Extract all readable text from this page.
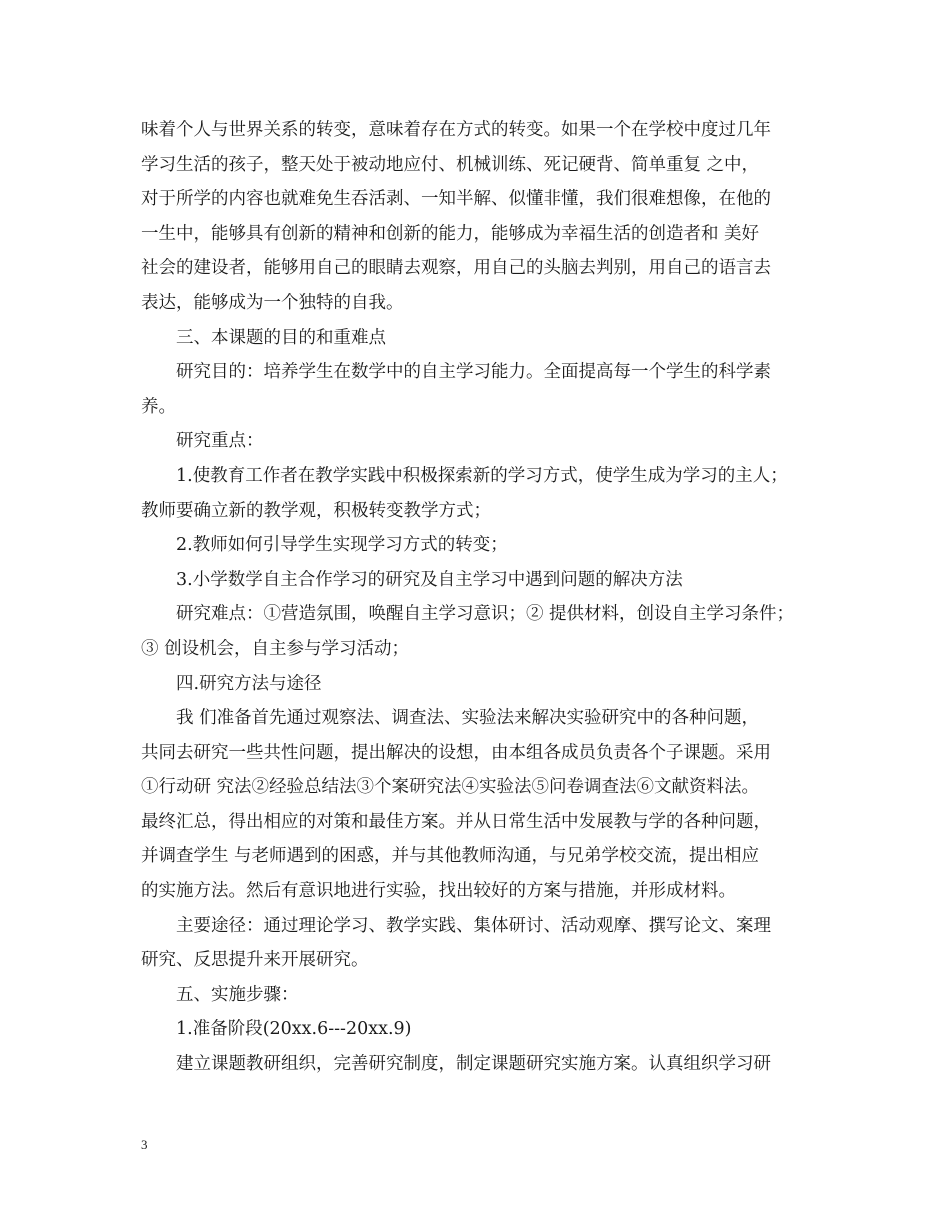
味着个人与世界关系的转变，意味着存在方式的转变。如果一个在学校中度过几年
学习生活的孩子，整天处于被动地应付、机械训练、死记硬背、简单重复 之中，
对于所学的内容也就难免生吞活剥、一知半解、似懂非懂，我们很难想像，在他的
一生中，能够具有创新的精神和创新的能力，能够成为幸福生活的创造者和 美好
社会的建设者，能够用自己的眼睛去观察，用自己的头脑去判别，用自己的语言去
表达，能够成为一个独特的自我。
三、本课题的目的和重难点
研究目的：培养学生在数学中的自主学习能力。全面提高每一个学生的科学素
养。
研究重点：
1.使教育工作者在教学实践中积极探索新的学习方式，使学生成为学习的主人；
教师要确立新的教学观，积极转变教学方式；
2.教师如何引导学生实现学习方式的转变；
3.小学数学自主合作学习的研究及自主学习中遇到问题的解决方法
研究难点：①营造氛围，唤醒自主学习意识；② 提供材料，创设自主学习条件；
③ 创设机会，自主参与学习活动；
四.研究方法与途径
我 们准备首先通过观察法、调查法、实验法来解决实验研究中的各种问题，
共同去研究一些共性问题，提出解决的设想，由本组各成员负责各个子课题。采用
①行动研 究法②经验总结法③个案研究法④实验法⑤问卷调查法⑥文献资料法。
最终汇总，得出相应的对策和最佳方案。并从日常生活中发展教与学的各种问题，
并调查学生 与老师遇到的困惑，并与其他教师沟通，与兄弟学校交流，提出相应
的实施方法。然后有意识地进行实验，找出较好的方案与措施，并形成材料。
主要途径：通过理论学习、教学实践、集体研讨、活动观摩、撰写论文、案理
研究、反思提升来开展研究。
五、实施步骤：
1.准备阶段(20xx.6---20xx.9)
建立课题教研组织，完善研究制度，制定课题研究实施方案。认真组织学习研
3
